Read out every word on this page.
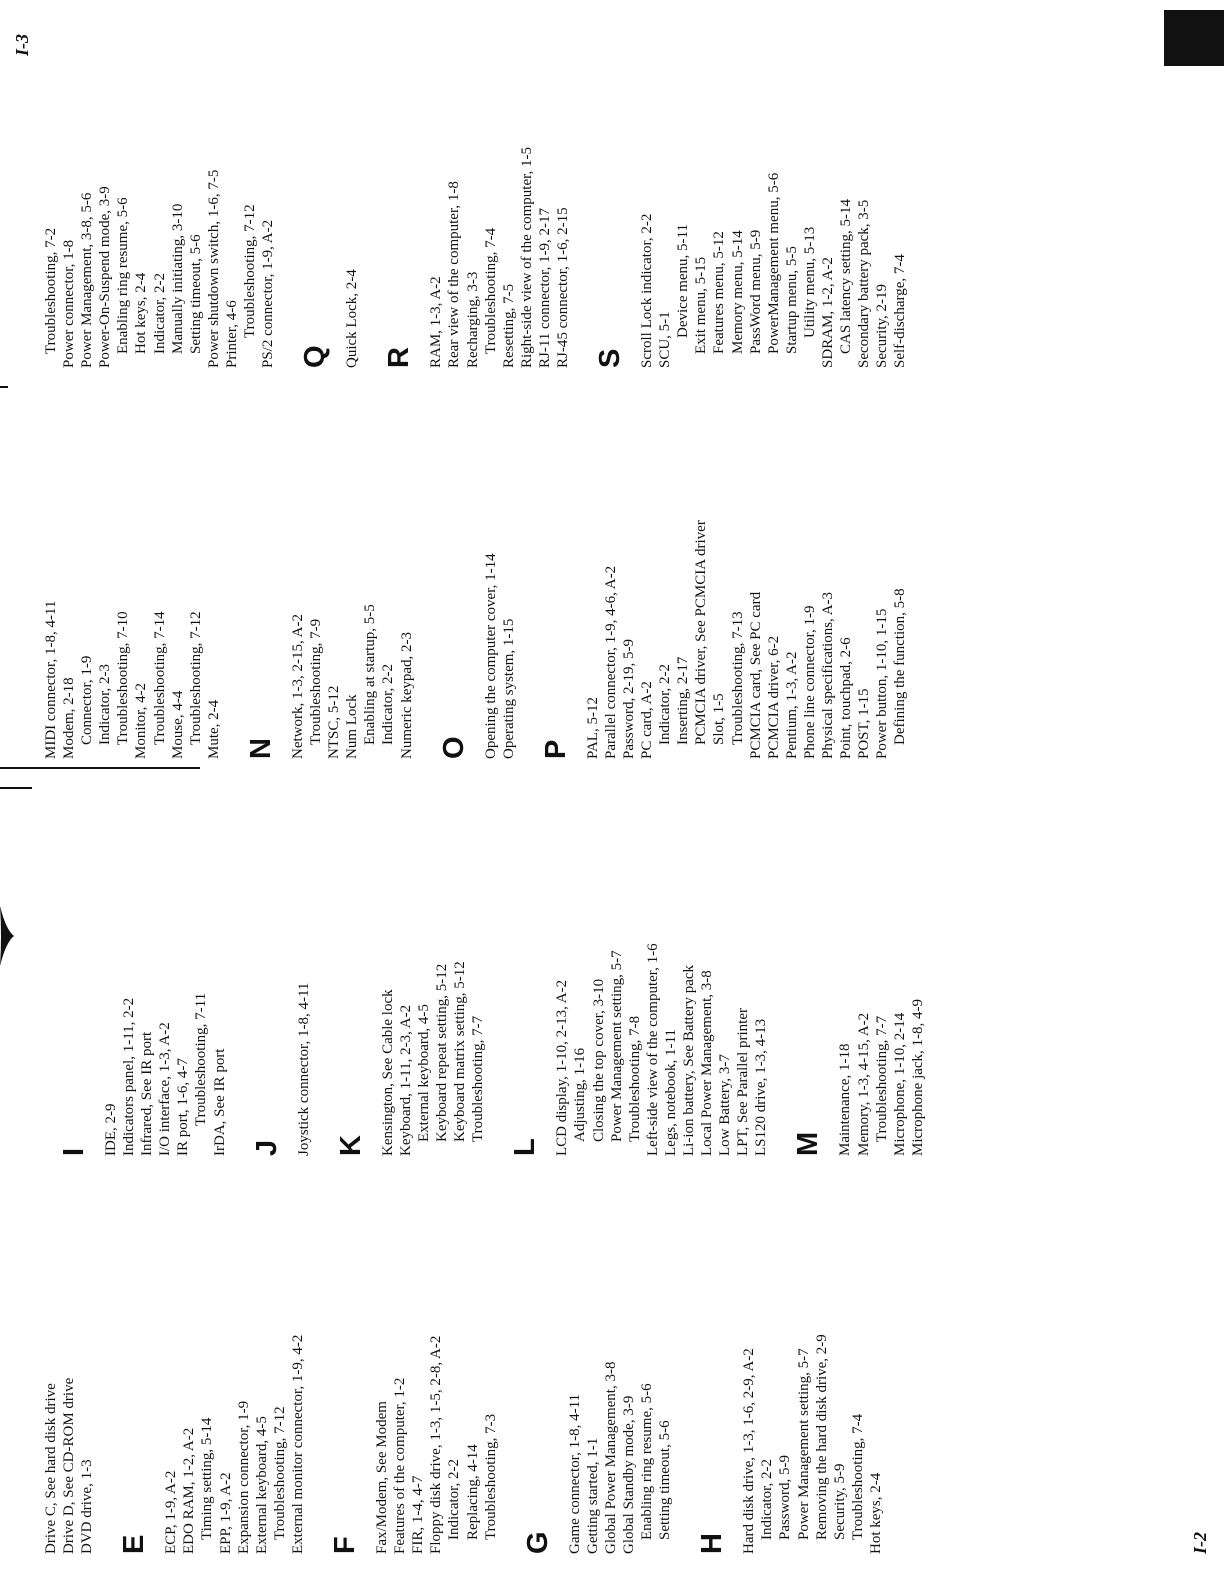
Drive C, See hard disk drive Drive D, See CD-ROM drive DVD drive, 1-3 E ECP, 1-9, A-2 EDO RAM, 1-2, A-2 Timing setting, 5-14 EPP, 1-9, A-2 Expansion connector, 1-9 External keyboard, 4-5 Troubleshooting, 7-12 External monitor connector, 1-9, 4-2 F Fax/Modem, See Modem Features of the computer, 1-2 FIR, 1-4, 4-7 Floppy disk drive, 1-3, 1-5, 2-8, A-2 Indicator, 2-2 Replacing, 4-14 Troubleshooting, 7-3
G Game connector, 1-8, 4-11 Getting started, 1-1 Global Power Management, 3-8 Global Standby mode, 3-9 Enabling ring resume, 5-6 Setting timeout, 5-6
H Hard disk drive, 1-3, 1-6, 2-9, A-2 Indicator, 2-2 Password, 5-9 Power Management setting, 5-7 Removing the hard disk drive, 2-9 Security, 5-9 Troubleshooting, 7-4 Hot keys, 2-4
I IDE, 2-9 Indicators panel, 1-11, 2-2 Infrared, See IR port I/O interface, 1-3, A-2 IR port, 1-6, 4-7 Troubleshooting, 7-11 IrDA, See IR port J Joystick connector, 1-8, 4-11 K Kensington, See Cable lock Keyboard, 1-11, 2-3, A-2 External keyboard, 4-5 Keyboard repeat setting, 5-12 Keyboard matrix setting, 5-12 Troubleshooting, 7-7
L LCD display, 1-10, 2-13, A-2 Adjusting, 1-16 Closing the top cover, 3-10 Power Management setting, 5-7 Troubleshooting, 7-8 Left-side view of the computer, 1-6 Legs, notebook, 1-11 Li-ion battery, See Battery pack Local Power Management, 3-8 Low Battery, 3-7 LPT, See Parallel printer LS120 drive, 1-3, 4-13 M Maintenance, 1-18 Memory, 1-3, 4-15, A-2 Troubleshooting, 7-7 Microphone, 1-10, 2-14 Microphone jack, 1-8, 4-9
MIDI connector, 1-8, 4-11 Modem, 2-18 Connector, 1-9 Indicator, 2-3 Troubleshooting, 7-10 Monitor, 4-2 Troubleshooting, 7-14 Mouse, 4-4 Troubleshooting, 7-12 Mute, 2-4 N Network, 1-3, 2-15, A-2 Troubleshooting, 7-9 NTSC, 5-12 Num Lock Enabling at startup, 5-5 Indicator, 2-2 Numeric keypad, 2-3 O Opening the computer cover, 1-14 Operating system, 1-15 P PAL, 5-12 Parallel connector, 1-9, 4-6, A-2 Password, 2-19, 5-9 PC card, A-2 Indicator, 2-2 Inserting, 2-17 PCMCIA driver, See PCMCIA driver Slot, 1-5 Troubleshooting, 7-13 PCMCIA card, See PC card PCMCIA driver, 6-2 Pentium, 1-3, A-2 Phone line connector, 1-9 Physical specifications, A-3 Point, touchpad, 2-6 POST, 1-15 Power button, 1-10, 1-15 Defining the function, 5-8
Troubleshooting, 7-2 Power connector, 1-8 Power Management, 3-8, 5-6 Power-On-Suspend mode, 3-9 Enabling ring resume, 5-6 Hot keys, 2-4 Indicator, 2-2 Manually initiating, 3-10 Setting timeout, 5-6 Power shutdown switch, 1-6, 7-5 Printer, 4-6 Troubleshooting, 7-12 PS/2 connector, 1-9, A-2 Q Quick Lock, 2-4 R RAM, 1-3, A-2 Rear view of the computer, 1-8 Recharging, 3-3 Troubleshooting, 7-4 Resetting, 7-5 Right-side view of the computer, 1-5 RJ-11 connector, 1-9, 2-17 RJ-45 connector, 1-6, 2-15 S Scroll Lock indicator, 2-2 SCU, 5-1
Device menu, 5-11 Exit menu, 5-15 Features menu, 5-12 Memory menu, 5-14 PassWord menu, 5-9 PowerManagement menu, 5-6 Startup menu, 5-5 Utility menu, 5-13 SDRAM, 1-2, A-2 CAS latency setting, 5-14 Secondary battery pack, 3-5 Security, 2-19 Self-discharge, 7-4
I-2
I-3
